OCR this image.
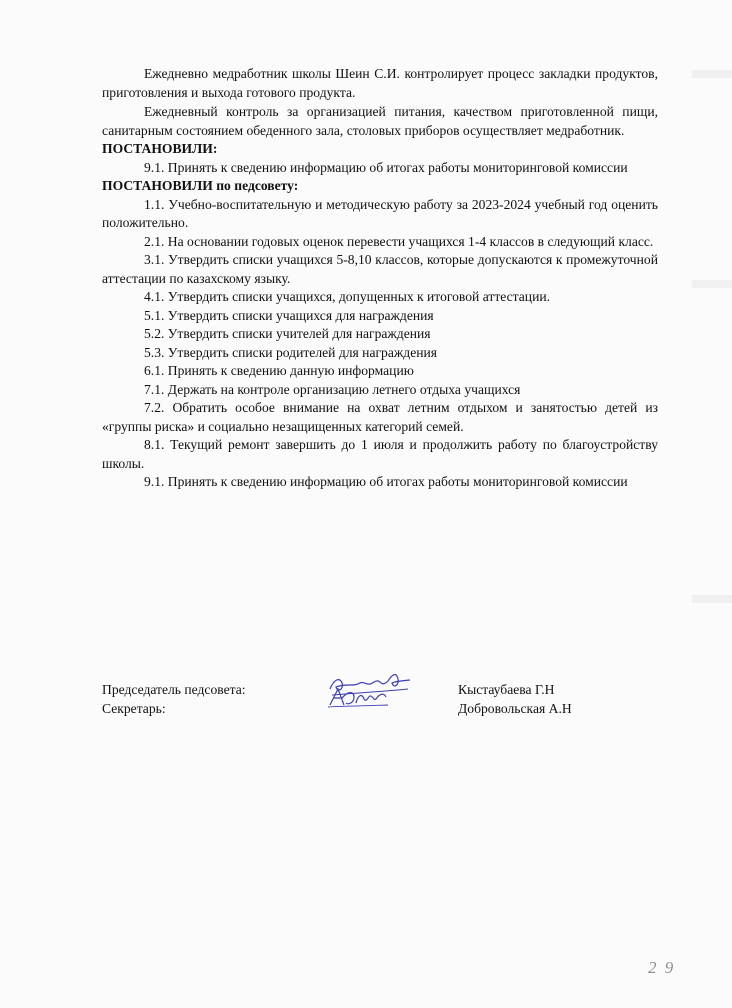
Ежедневно медработник школы Шеин С.И. контролирует процесс закладки продуктов, приготовления и выхода готового продукта.

Ежедневный контроль за организацией питания, качеством приготовленной пищи, санитарным состоянием обеденного зала, столовых приборов осуществляет медработник.

ПОСТАНОВИЛИ:

9.1. Принять к сведению информацию об итогах работы мониторинговой комиссии

ПОСТАНОВИЛИ по педсовету:

1.1. Учебно-воспитательную и методическую работу за 2023-2024 учебный год оценить положительно.

2.1. На основании годовых оценок перевести учащихся 1-4 классов в следующий класс.

3.1. Утвердить списки учащихся 5-8,10 классов, которые допускаются к промежуточной аттестации по казахскому языку.

4.1. Утвердить списки учащихся, допущенных к итоговой аттестации.

5.1. Утвердить списки учащихся для награждения

5.2. Утвердить списки учителей для награждения

5.3. Утвердить списки родителей для награждения

6.1. Принять к сведению данную информацию

7.1. Держать на контроле организацию летнего отдыха учащихся

7.2. Обратить особое внимание на охват летним отдыхом и занятостью детей из «группы риска» и социально незащищенных категорий семей.

8.1. Текущий ремонт завершить до 1 июля и продолжить работу по благоустройству школы.

9.1. Принять к сведению информацию об итогах работы мониторинговой комиссии

Председатель педсовета:	Кыстаубаева Г.Н
Секретарь:	Добровольская А.Н
2 9
